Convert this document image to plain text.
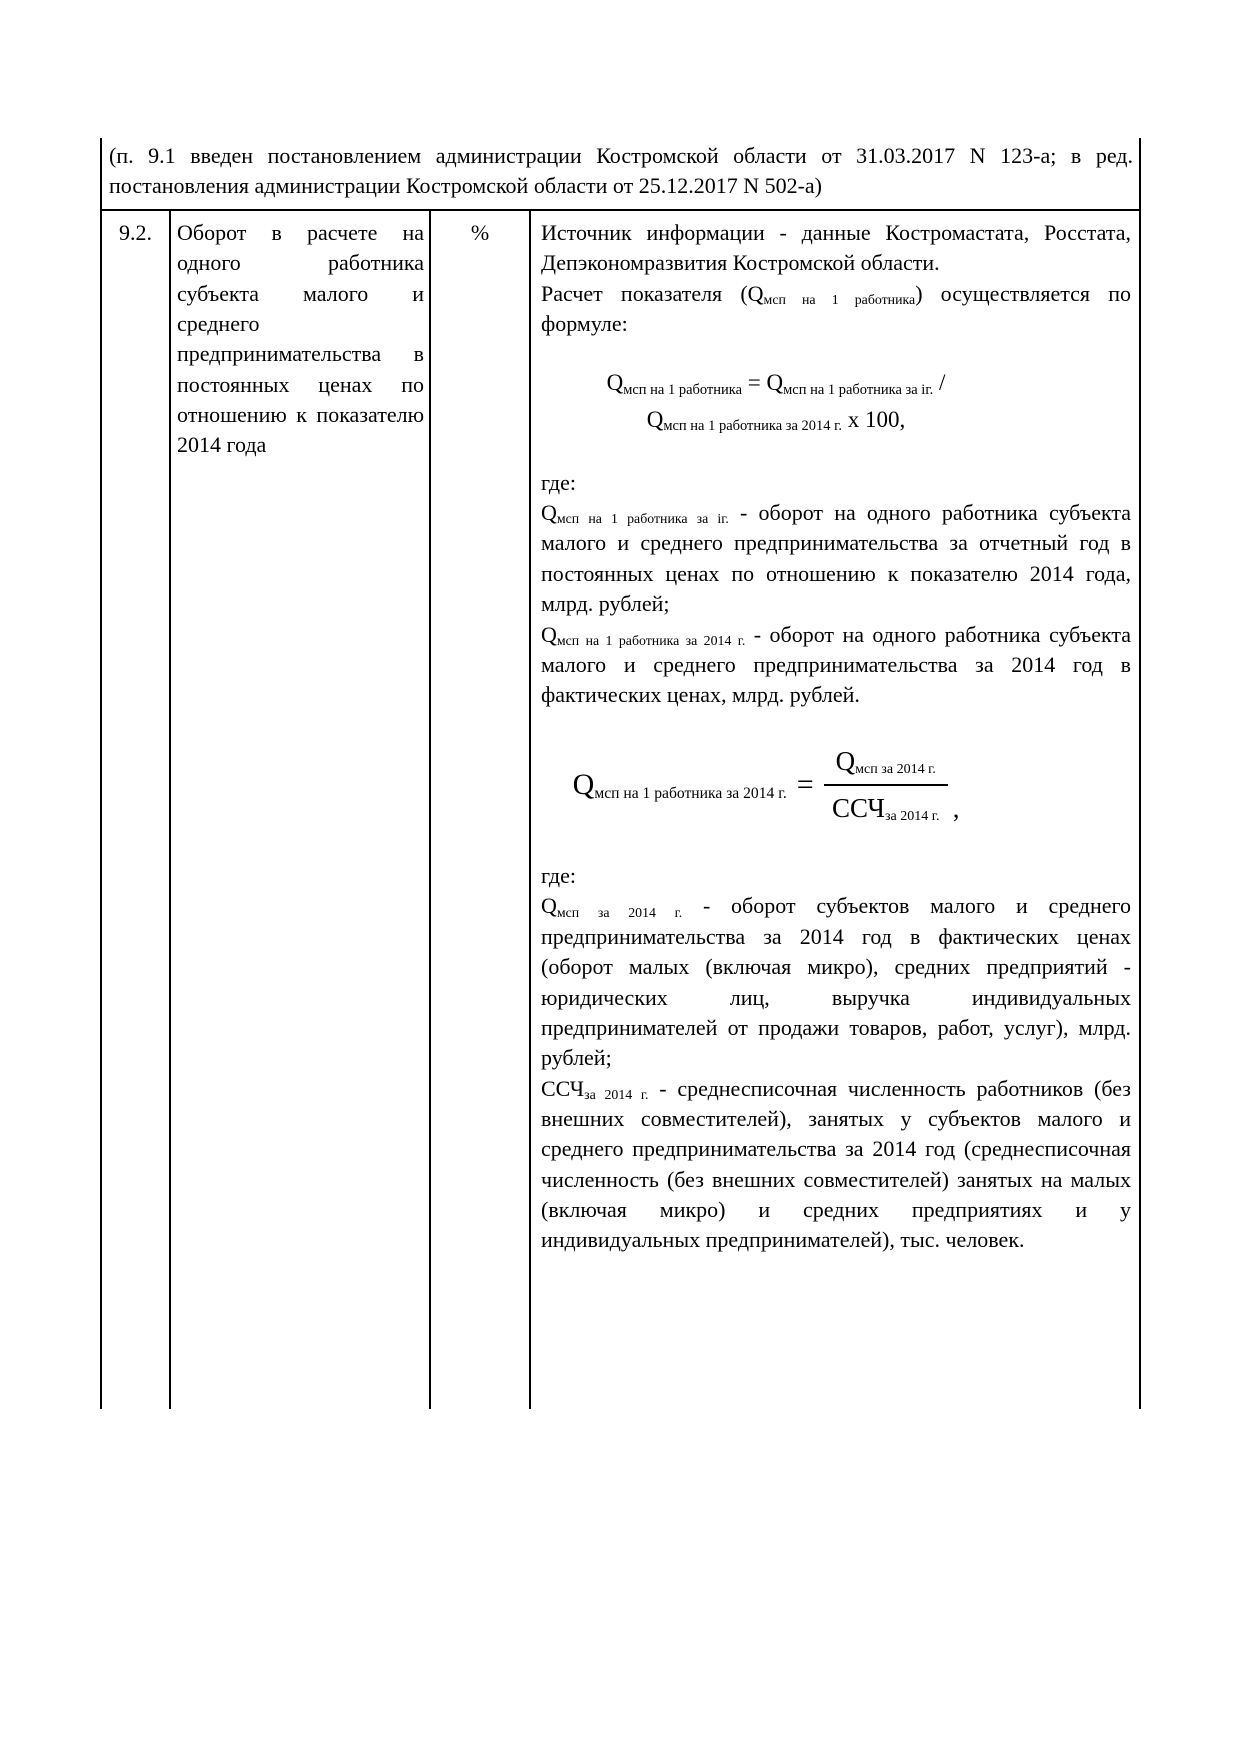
(п. 9.1 введен постановлением администрации Костромской области от 31.03.2017 N 123-а; в ред. постановления администрации Костромской области от 25.12.2017 N 502-а)
9.2.	Оборот в расчете на одного работника субъекта малого и среднего предпринимательства в постоянных ценах по отношению к показателю 2014 года
%	Источник информации - данные Костромастата, Росстата, Депэкономразвития Костромской области.

Расчет показателя (Qмсп на 1 работника) осуществляется по формуле:

Qмсп на 1 работника = Qмсп на 1 работника за iг. /
Qмсп на 1 работника за 2014 г. х 100,

где:

Qмсп на 1 работника за iг. - оборот на одного работника субъекта малого и среднего предпринимательства за отчетный год в постоянных ценах по отношению к показателю 2014 года, млрд. рублей;

Qмсп на 1 работника за 2014 г. - оборот на одного работника субъекта малого и среднего предпринимательства за 2014 год в фактических ценах, млрд. рублей.

Qмсп на 1 работника за 2014 г. = $\frac{\text{Qмсп за 2014 г.}}{\text{ССЧза 2014 г.}}$ ,

где:

Qмсп за 2014 г. - оборот субъектов малого и среднего предпринимательства за 2014 год в фактических ценах (оборот малых (включая микро), средних предприятий - юридических лиц, выручка индивидуальных предпринимателей от продажи товаров, работ, услуг), млрд. рублей;

ССЧза 2014 г. - среднесписочная численность работников (без внешних совместителей), занятых у субъектов малого и среднего предпринимательства за 2014 год (среднесписочная численность (без внешних совместителей) занятых на малых (включая микро) и средних предприятиях и у индивидуальных предпринимателей), тыс. человек.
